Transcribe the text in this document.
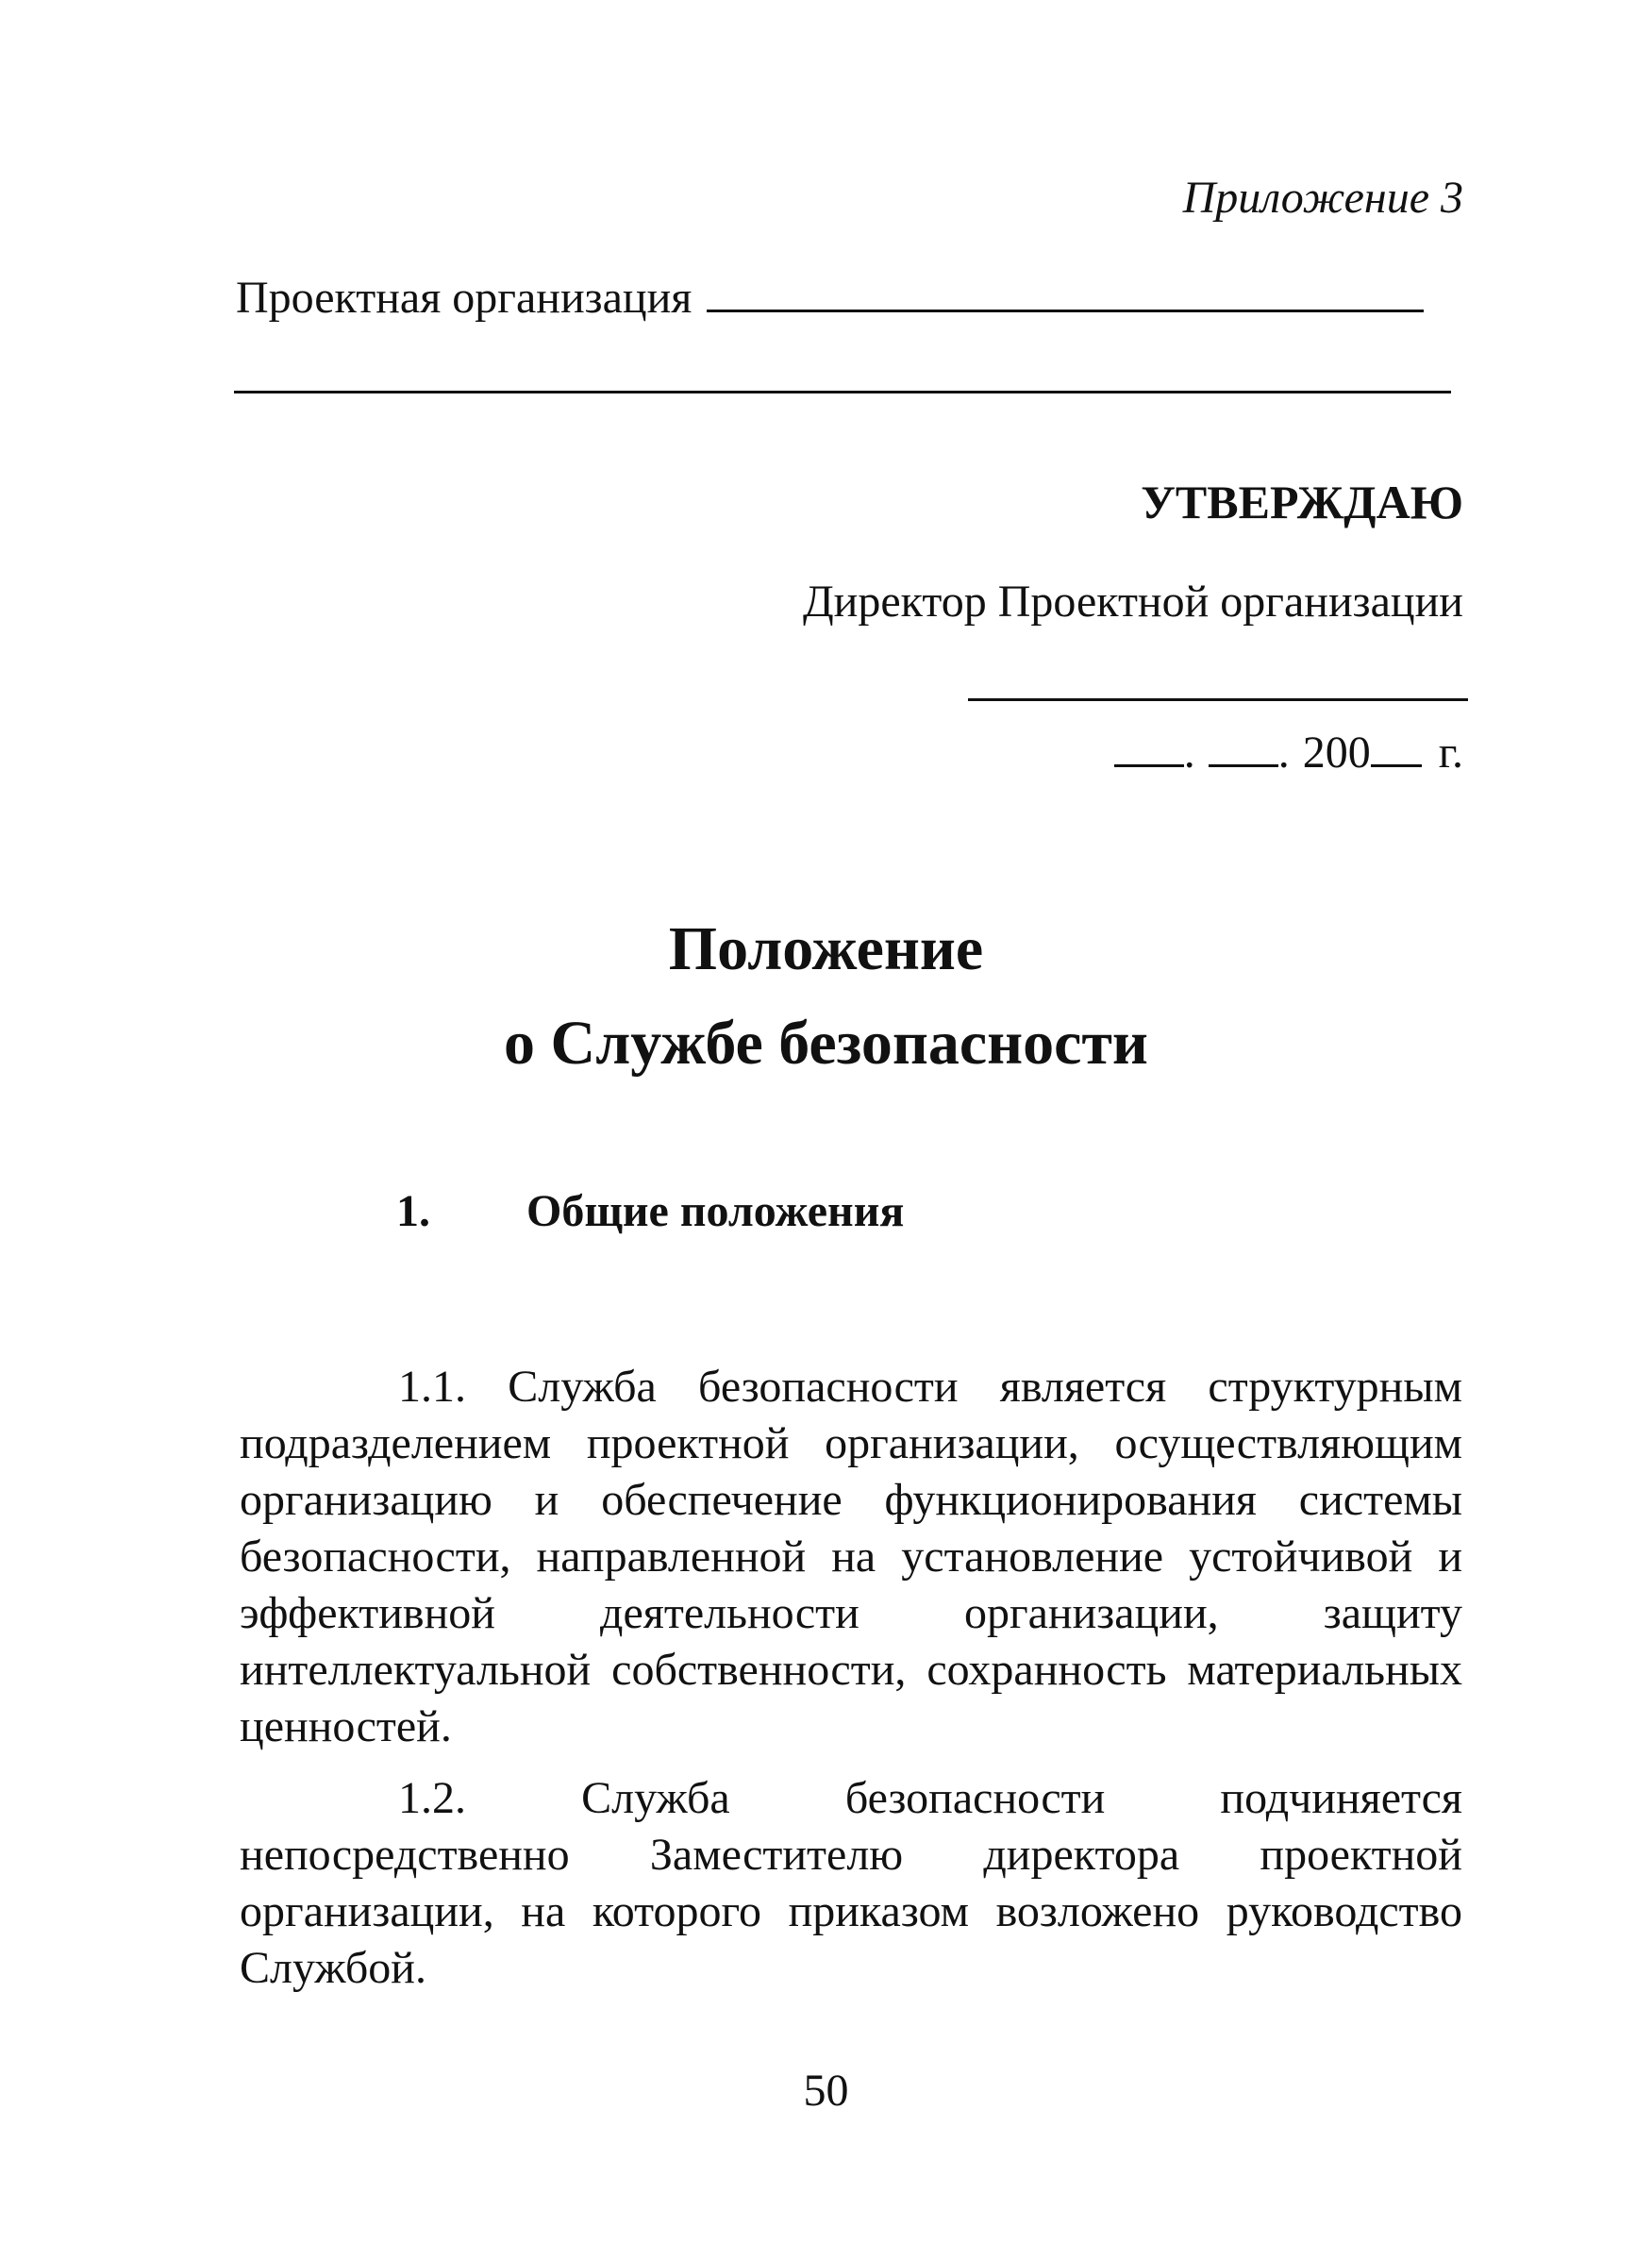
Приложение 3
Проектная организация
УТВЕРЖДАЮ
Директор Проектной организации
. . 200 г.
Положение
о Службе безопасности
1.	Общие положения

1.1. Служба безопасности является структурным подразделением проектной организации, осуществляющим организацию и обеспечение функционирования системы безопасности, направленной на установление устойчивой и эффективной деятельности организации, защиту интеллектуальной собственности, сохранность материальных ценностей.

1.2. Служба безопасности подчиняется непосредственно Заместителю директора проектной организации, на которого приказом возложено руководство Службой.

50
